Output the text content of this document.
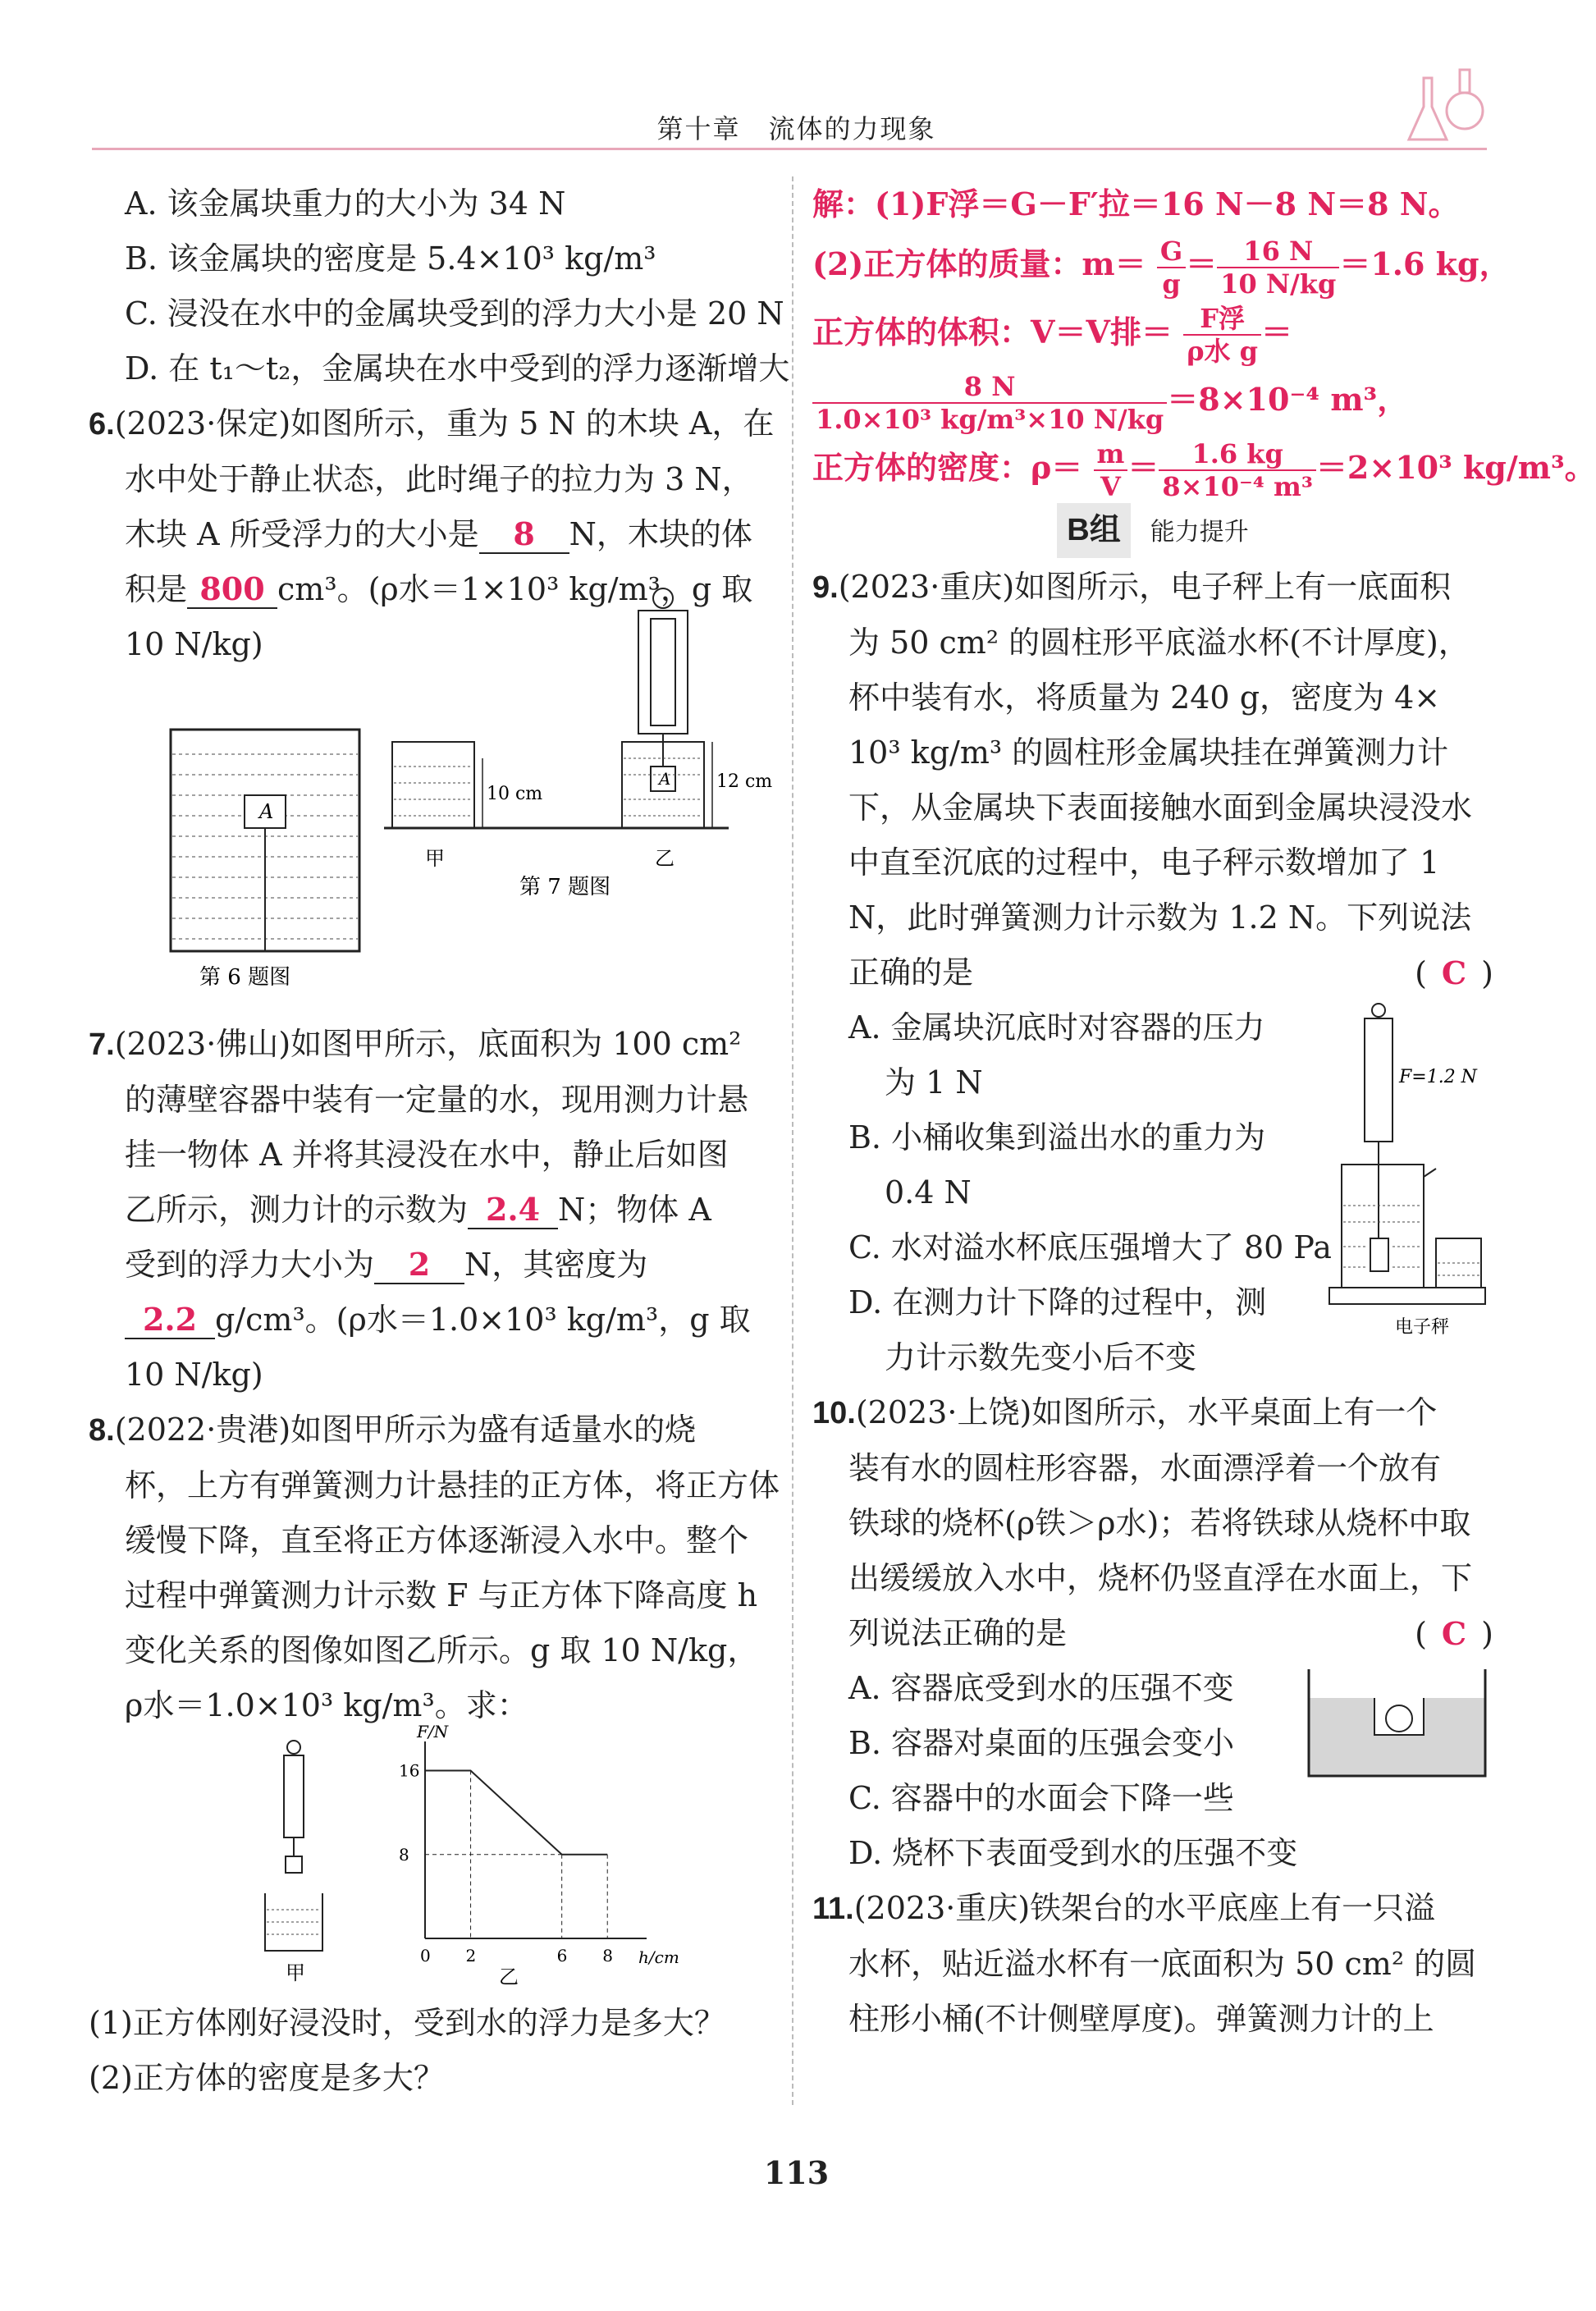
第十章　流体的力现象
A. 该金属块重力的大小为 34 N
B. 该金属块的密度是 5.4×10³ kg/m³
C. 浸没在水中的金属块受到的浮力大小是 20 N
D. 在 t₁～t₂，金属块在水中受到的浮力逐渐增大
6.(2023·保定)如图所示，重为 5 N 的木块 A，在
水中处于静止状态，此时绳子的拉力为 3 N，
木块 A 所受浮力的大小是 8 N，木块的体
积是 800 cm³。(ρ水＝1×10³ kg/m³，g 取
10 N/kg)
A
第 6 题图
A
10 cm
12 cm
甲	乙
第 7 题图
7.(2023·佛山)如图甲所示，底面积为 100 cm²
的薄壁容器中装有一定量的水，现用测力计悬
挂一物体 A 并将其浸没在水中，静止后如图
乙所示，测力计的示数为 2.4 N；物体 A
受到的浮力大小为 2 N，其密度为
2.2 g/cm³。(ρ水＝1.0×10³ kg/m³，g 取
10 N/kg)
8.(2022·贵港)如图甲所示为盛有适量水的烧
杯，上方有弹簧测力计悬挂的正方体，将正方体
缓慢下降，直至将正方体逐渐浸入水中。整个
过程中弹簧测力计示数 F 与正方体下降高度 h
变化关系的图像如图乙所示。g 取 10 N/kg，
ρ水＝1.0×10³ kg/m³。求：
甲
h/cm
F/N
0 2	6 8
8
16
乙
(1)正方体刚好浸没时，受到水的浮力是多大？
(2)正方体的密度是多大？
解：(1)F浮＝G－F′拉＝16 N－8 N＝8 N。
(2)正方体的质量：$m= \frac{G}{g} = \frac{16 N}{10 N/kg} =1.6$ kg，
正方体的体积：V＝V排＝ $\frac{\text{F浮}}{\text{ρ水 g}}$ ＝
$\frac{8 N}{\text{1.0×10³ kg/m³×10 N/kg}} =8\times 10^{-4}$ m³，
正方体的密度：$\rho= \frac{m}{V} = \frac{1.6 kg}{\text{8×10⁻⁴ m³}} =2\times 10^3$ kg/m³。
B组 能力提升
9.(2023·重庆)如图所示，电子秤上有一底面积
为 50 cm² 的圆柱形平底溢水杯(不计厚度)，
杯中装有水，将质量为 240 g，密度为 4×
10³ kg/m³ 的圆柱形金属块挂在弹簧测力计
下，从金属块下表面接触水面到金属块浸没水
中直至沉底的过程中，电子秤示数增加了 1
N，此时弹簧测力计示数为 1.2 N。下列说法
正确的是	( C )
A. 金属块沉底时对容器的压力
为 1 N
B. 小桶收集到溢出水的重力为
0.4 N
C. 水对溢水杯底压强增大了 80 Pa
D. 在测力计下降的过程中，测
力计示数先变小后不变
F=1.2 N
电子秤
10.(2023·上饶)如图所示，水平桌面上有一个
装有水的圆柱形容器，水面漂浮着一个放有
铁球的烧杯(ρ铁＞ρ水)；若将铁球从烧杯中取
出缓缓放入水中，烧杯仍竖直浮在水面上，下
列说法正确的是	( C )
A. 容器底受到水的压强不变
B. 容器对桌面的压强会变小
C. 容器中的水面会下降一些
D. 烧杯下表面受到水的压强不变
11.(2023·重庆)铁架台的水平底座上有一只溢
水杯，贴近溢水杯有一底面积为 50 cm² 的圆
柱形小桶(不计侧壁厚度)。弹簧测力计的上
113
